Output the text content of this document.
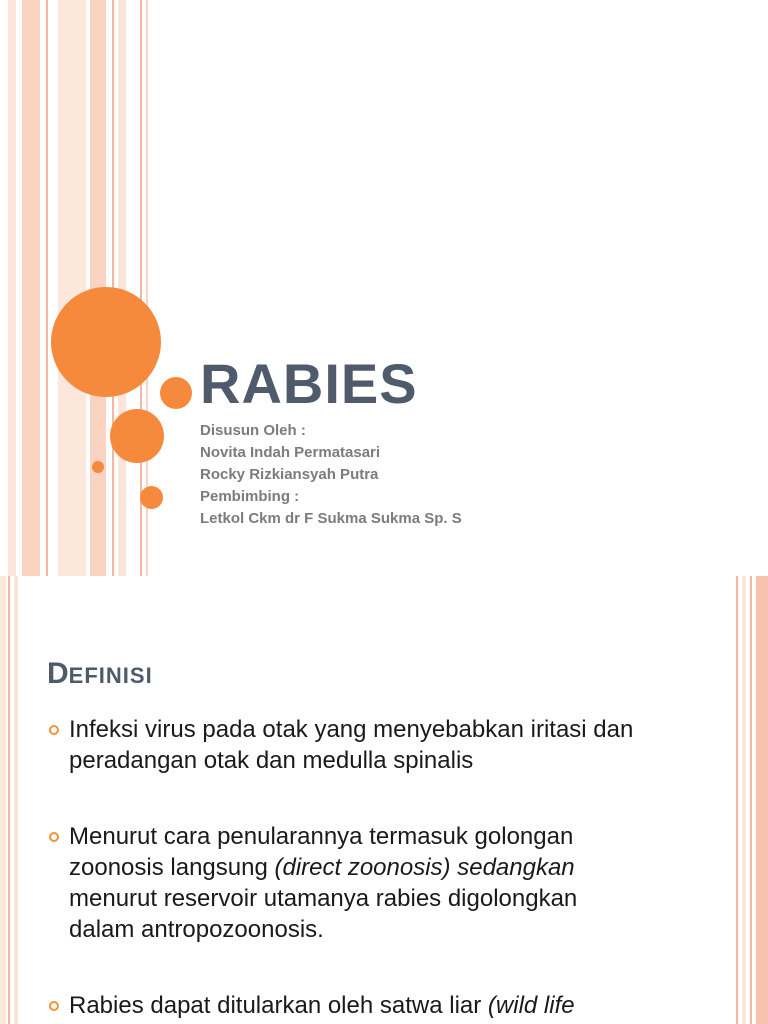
RABIES
Disusun Oleh :
Novita Indah Permatasari
Rocky Rizkiansyah Putra
Pembimbing :
Letkol Ckm dr F Sukma Sukma Sp. S
DEFINISI
Infeksi virus pada otak yang menyebabkan iritasi dan peradangan otak dan medulla spinalis
Menurut cara penularannya termasuk golongan zoonosis langsung (direct zoonosis) sedangkan menurut reservoir utamanya rabies digolongkan dalam antropozoonosis.
Rabies dapat ditularkan oleh satwa liar (wild life
